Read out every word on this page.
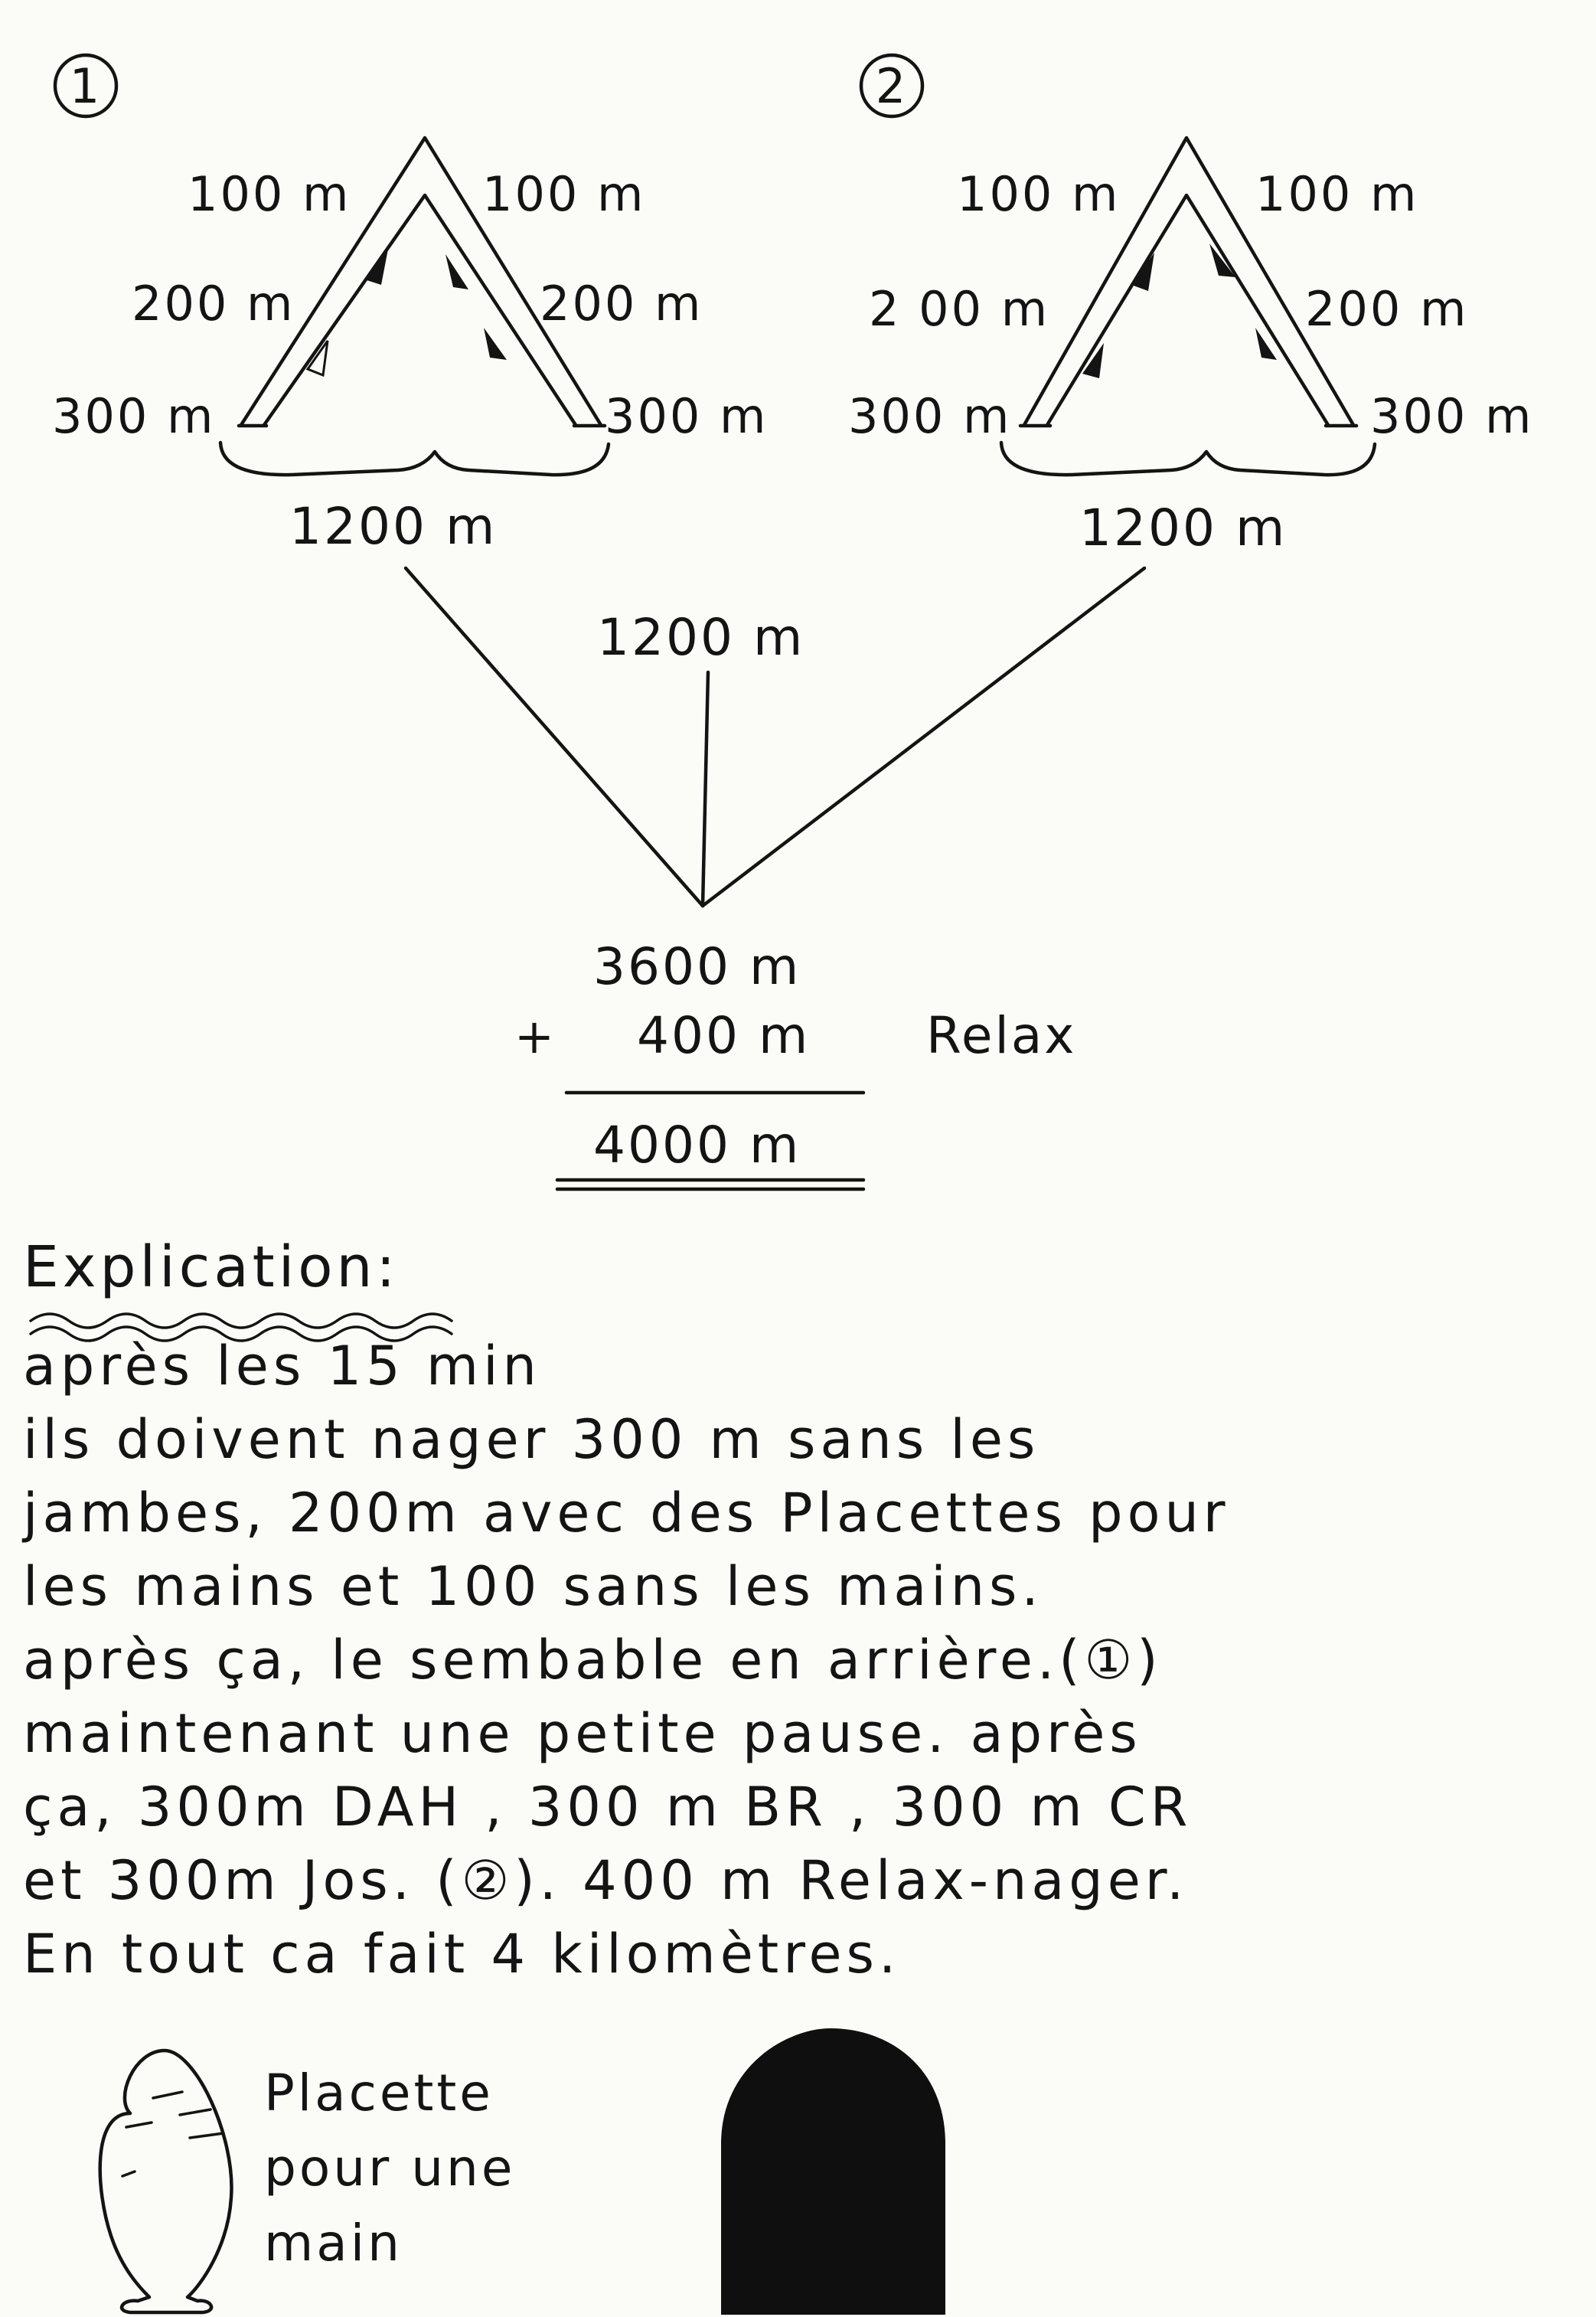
1
100 m
200 m
300 m
100 m
200 m
300 m
1200 m
2
100 m
2 00 m
300 m
100 m
200 m
300 m
1200 m
1200 m
3600 m
+ 400 m Relax
4000 m
Explication:
après les 15 min
ils doivent nager 300 m sans les
jambes, 200m avec des Placettes pour
les mains et 100 sans les mains.
après ça, le sembable en arrière.(①)
maintenant une petite pause. après
ça, 300m DAH , 300 m BR , 300 m CR
et 300m Jos. (②). 400 m Relax-nager.
En tout ca fait 4 kilomètres.
Placette
pour une
main
